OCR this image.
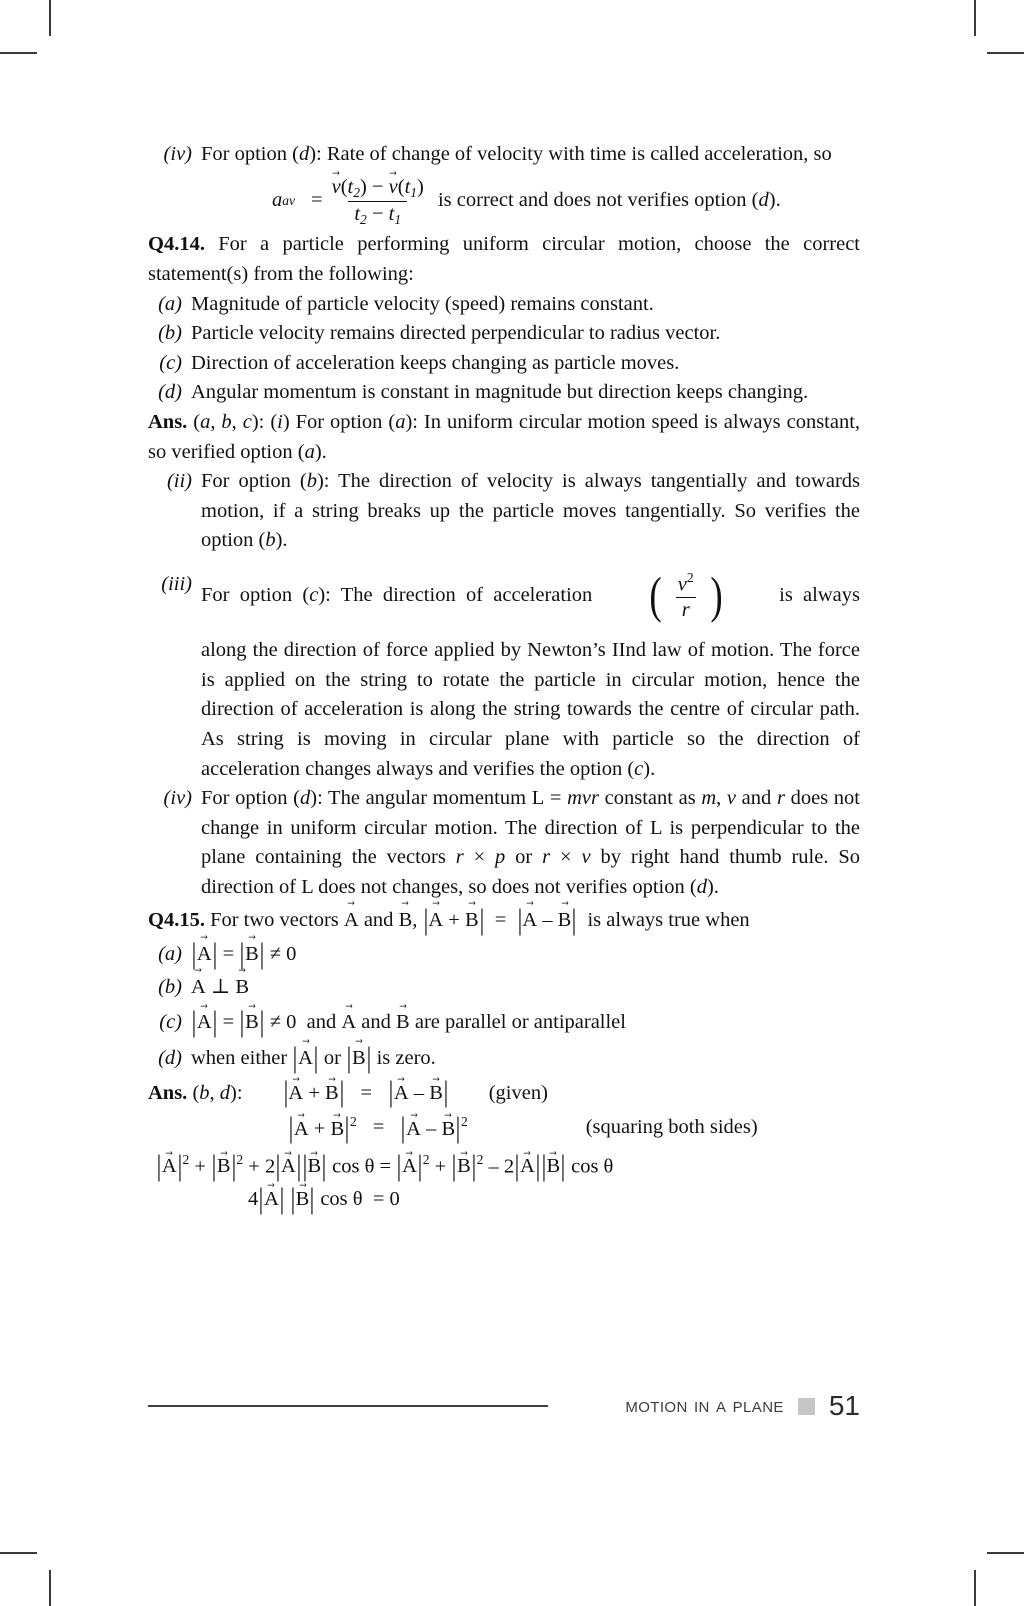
(iv) For option (d): Rate of change of velocity with time is called acceleration, so
a av = $\frac{v \to(t_2) - v \to(t_1)}{t_2 - t_1}$ is correct and does not verifies option (d).

Q4.14. For a particle performing uniform circular motion, choose the correct statement(s) from the following:

(a) Magnitude of particle velocity (speed) remains constant.
(b) Particle velocity remains directed perpendicular to radius vector.
(c) Direction of acceleration keeps changing as particle moves.
(d) Angular momentum is constant in magnitude but direction keeps changing.

Ans. (a, b, c): (i) For option (a): In uniform circular motion speed is always constant, so verified option (a).

(ii) For option (b): The direction of velocity is always tangentially and towards motion, if a string breaks up the particle moves tangentially. So verifies the option (b).
(iii)
For  option  (c):  The  direction  of  acceleration ( $\frac{v^2}{r}$ )	is  always
along the direction of force applied by Newton’s IInd law of motion. The force is applied on the string to rotate the particle in circular motion, hence the direction of acceleration is along the string towards the centre of circular path. As string is moving in circular plane with particle so the direction of acceleration changes always and verifies the option (c).
(iv) For option (d): The angular momentum L = mvr constant as m, v and r does not change in uniform circular motion. The direction of L is perpendicular to the plane containing the vectors r × p or r × v by right hand thumb rule. So direction of L does not changes, so does not verifies option (d).

Q4.15. For two vectors A → and B →, |A → + B →|  =  |A → – B →|  is always true when

(a) |A →| = |B →| ≠ 0
(b) A → ⊥ B →
(c) |A →| = |B →| ≠ 0  and A → and B → are parallel or antiparallel
(d) when either |A →| or |B →| is zero.
Ans. (b, d): |A → + B →| = |A → – B →| (given)
|A → + $B \to|^2 = |A$ → – $B \to|^2$	(squaring both sides)
$|A \to|^2 + |B \to|^2 + 2|A \to||B$ →| $\cos \theta = |A \to|^2 + |B \to|^2 - 2|A \to||B$ →| cos θ
4|A →| |B →| cos θ  = 0
motion in a plane 51
